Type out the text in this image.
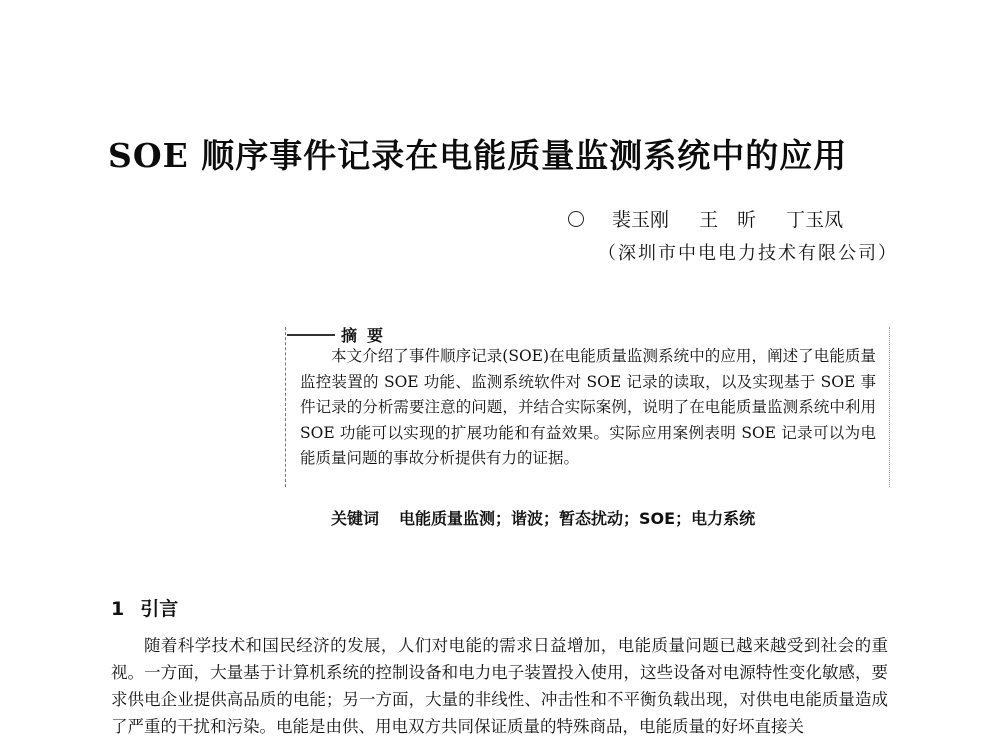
SOE 顺序事件记录在电能质量监测系统中的应用
裴玉刚 王　昕 丁玉凤
（深圳市中电电力技术有限公司）
摘要
本文介绍了事件顺序记录(SOE)在电能质量监测系统中的应用，阐述了电能质量监控装置的 SOE 功能、监测系统软件对 SOE 记录的读取，以及实现基于 SOE 事件记录的分析需要注意的问题，并结合实际案例，说明了在电能质量监测系统中利用 SOE 功能可以实现的扩展功能和有益效果。实际应用案例表明 SOE 记录可以为电能质量问题的事故分析提供有力的证据。
关键词 电能质量监测；谐波；暂态扰动；SOE；电力系统
1 引言
随着科学技术和国民经济的发展，人们对电能的需求日益增加，电能质量问题已越来越受到社会的重视。一方面，大量基于计算机系统的控制设备和电力电子装置投入使用，这些设备对电源特性变化敏感，要求供电企业提供高品质的电能；另一方面，大量的非线性、冲击性和不平衡负载出现，对供电电能质量造成了严重的干扰和污染。电能是由供、用电双方共同保证质量的特殊商品，电能质量的好坏直接关
